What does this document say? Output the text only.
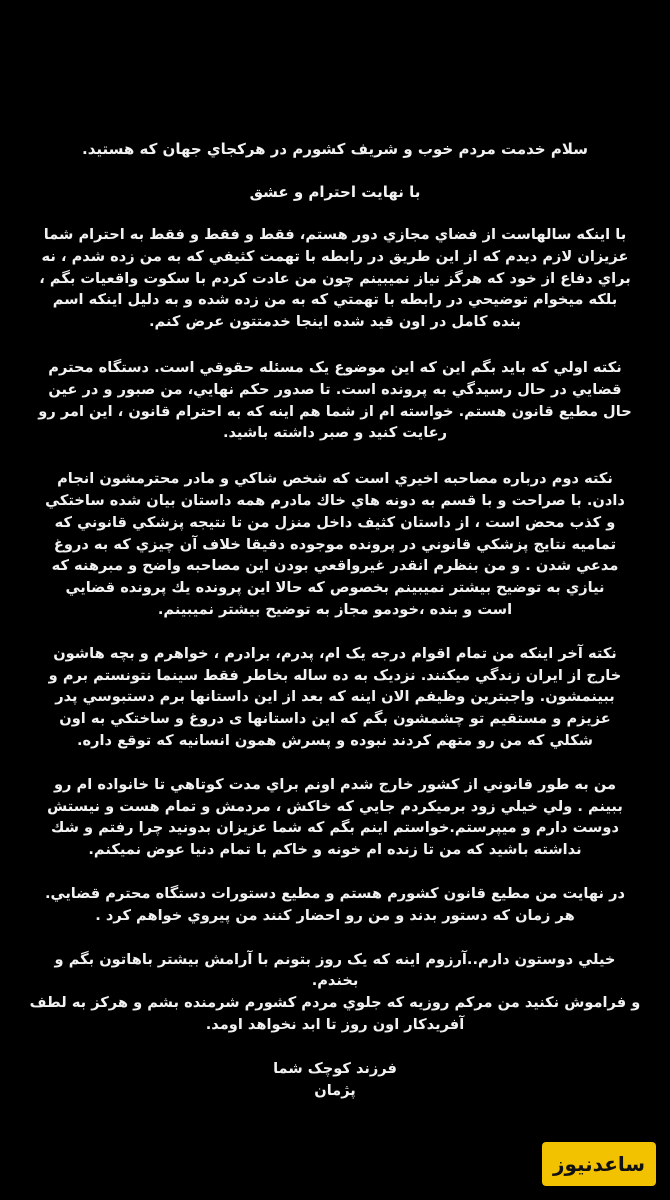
سلام خدمت مردم خوب و شريف كشورم در هركجاي جهان كه هستيد.

با نهايت احترام و عشق

با اينكه سالهاست از فضاي مجازي دور هستم، فقط و فقط و فقط به احترام شما
عزيزان لازم ديدم كه از اين طريق در رابطه با تهمت كثيفي كه به من زده شدم ، نه
براي دفاع از خود كه هرگز نياز نميبينم چون من عادت كردم با سكوت واقعيات بگم ،
بلكه ميخوام توضيحي در رابطه با تهمتي كه به من زده شده و به دليل اينكه اسم
بنده كامل در اون قيد شده اينجا خدمتتون عرض كنم.

نكته اولي كه بايد بگم اين كه اين موضوع يک مسئله حقوقي است. دستگاه محترم
قضايي در حال رسيدگي به پرونده است. تا صدور حكم نهايي، من صبور و در عين
حال مطيع قانون هستم. خواسته ام از شما هم اينه كه به احترام قانون ، اين امر رو
رعايت كنيد و صبر داشته باشيد.

نكته دوم درباره مصاحبه اخيري است كه شخص شاكي و مادر محترمشون انجام
دادن. با صراحت و با قسم به دونه هاي خاك مادرم همه داستان بيان شده ساختكي
و كذب محض است ، از داستان كثيف داخل منزل من تا نتيجه پزشكي قانوني كه
تماميه نتايج پزشكي قانوني در پرونده موجوده دقيقا خلاف آن چيزي كه به دروغ
مدعي شدن . و من بنظرم انقدر غيرواقعي بودن اين مصاحبه واضح و مبرهنه كه
نيازي به توضيح بيشتر نميبينم بخصوص كه حالا اين پرونده يك پرونده قضايي
است و بنده ،خودمو مجاز به توضيح بيشتر نميبينم.

نكته آخر اينكه من تمام اقوام درجه يک ام، پدرم، برادرم ، خواهرم و بچه هاشون
خارج از ايران زندگي ميكنند. نزديک به ده ساله بخاطر فقط سينما نتونستم برم و
ببينمشون. واجبترين وظيفم الان اينه كه بعد از اين داستانها برم دستبوسي پدر
عزيزم و مستقيم تو چشمشون بگم كه اين داستانها ی دروغ و ساختكي به اون
شكلي كه من رو متهم كردند نبوده و پسرش همون انسانيه كه توقع داره.

من به طور قانوني از كشور خارج شدم اونم براي مدت كوتاهي تا خانواده ام رو
ببينم . ولي خيلي زود برميكردم جايي كه خاكش ، مردمش و تمام هست و نيستش
دوست دارم و ميپرستم.خواستم اينم بگم كه شما عزيزان بدونيد چرا رفتم و شك
نداشته باشيد كه من تا زنده ام خونه و خاكم با تمام دنيا عوض نميكنم.

در نهايت من مطيع قانون كشورم هستم و مطيع دستورات دستگاه محترم قضايي.
هر زمان كه دستور بدند و من رو احضار كنند من پيروي خواهم كرد .

خيلي دوستون دارم..آرزوم اينه كه يک روز بتونم با آرامش بيشتر باهاتون بگم و
بخندم.
و فراموش نكنيد من مركم روزيه كه جلوي مردم كشورم شرمنده بشم و هركز به لطف
آفريدكار اون روز تا ابد نخواهد اومد.

فرزند كوچک شما
پژمان
ساعدنيوز
